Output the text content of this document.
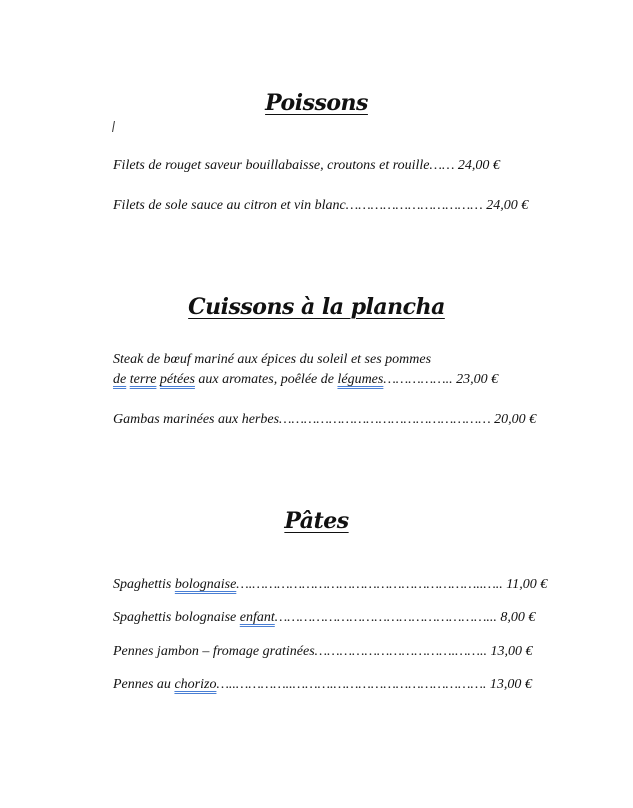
Poissons
Filets de rouget saveur bouillabaisse, croutons et rouille…… 24,00 €
Filets de sole sauce au citron et vin blanc…………………………… 24,00 €
Cuissons à la plancha
Steak de bœuf mariné aux épices du soleil et ses pommes
de terre pétées aux aromates, poêlée de légumes…………….. 23,00 €
Gambas marinées aux herbes…………………………………………… 20,00 €
Pâtes
Spaghettis bolognaise….………………………………………………..….. 11,00 €
Spaghettis bolognaise enfant……………………………………………... 8,00 €
Pennes jambon – fromage gratinées…………………………….…….. 13,00 €
Pennes au chorizo…..…………..……….………………………………. 13,00 €
